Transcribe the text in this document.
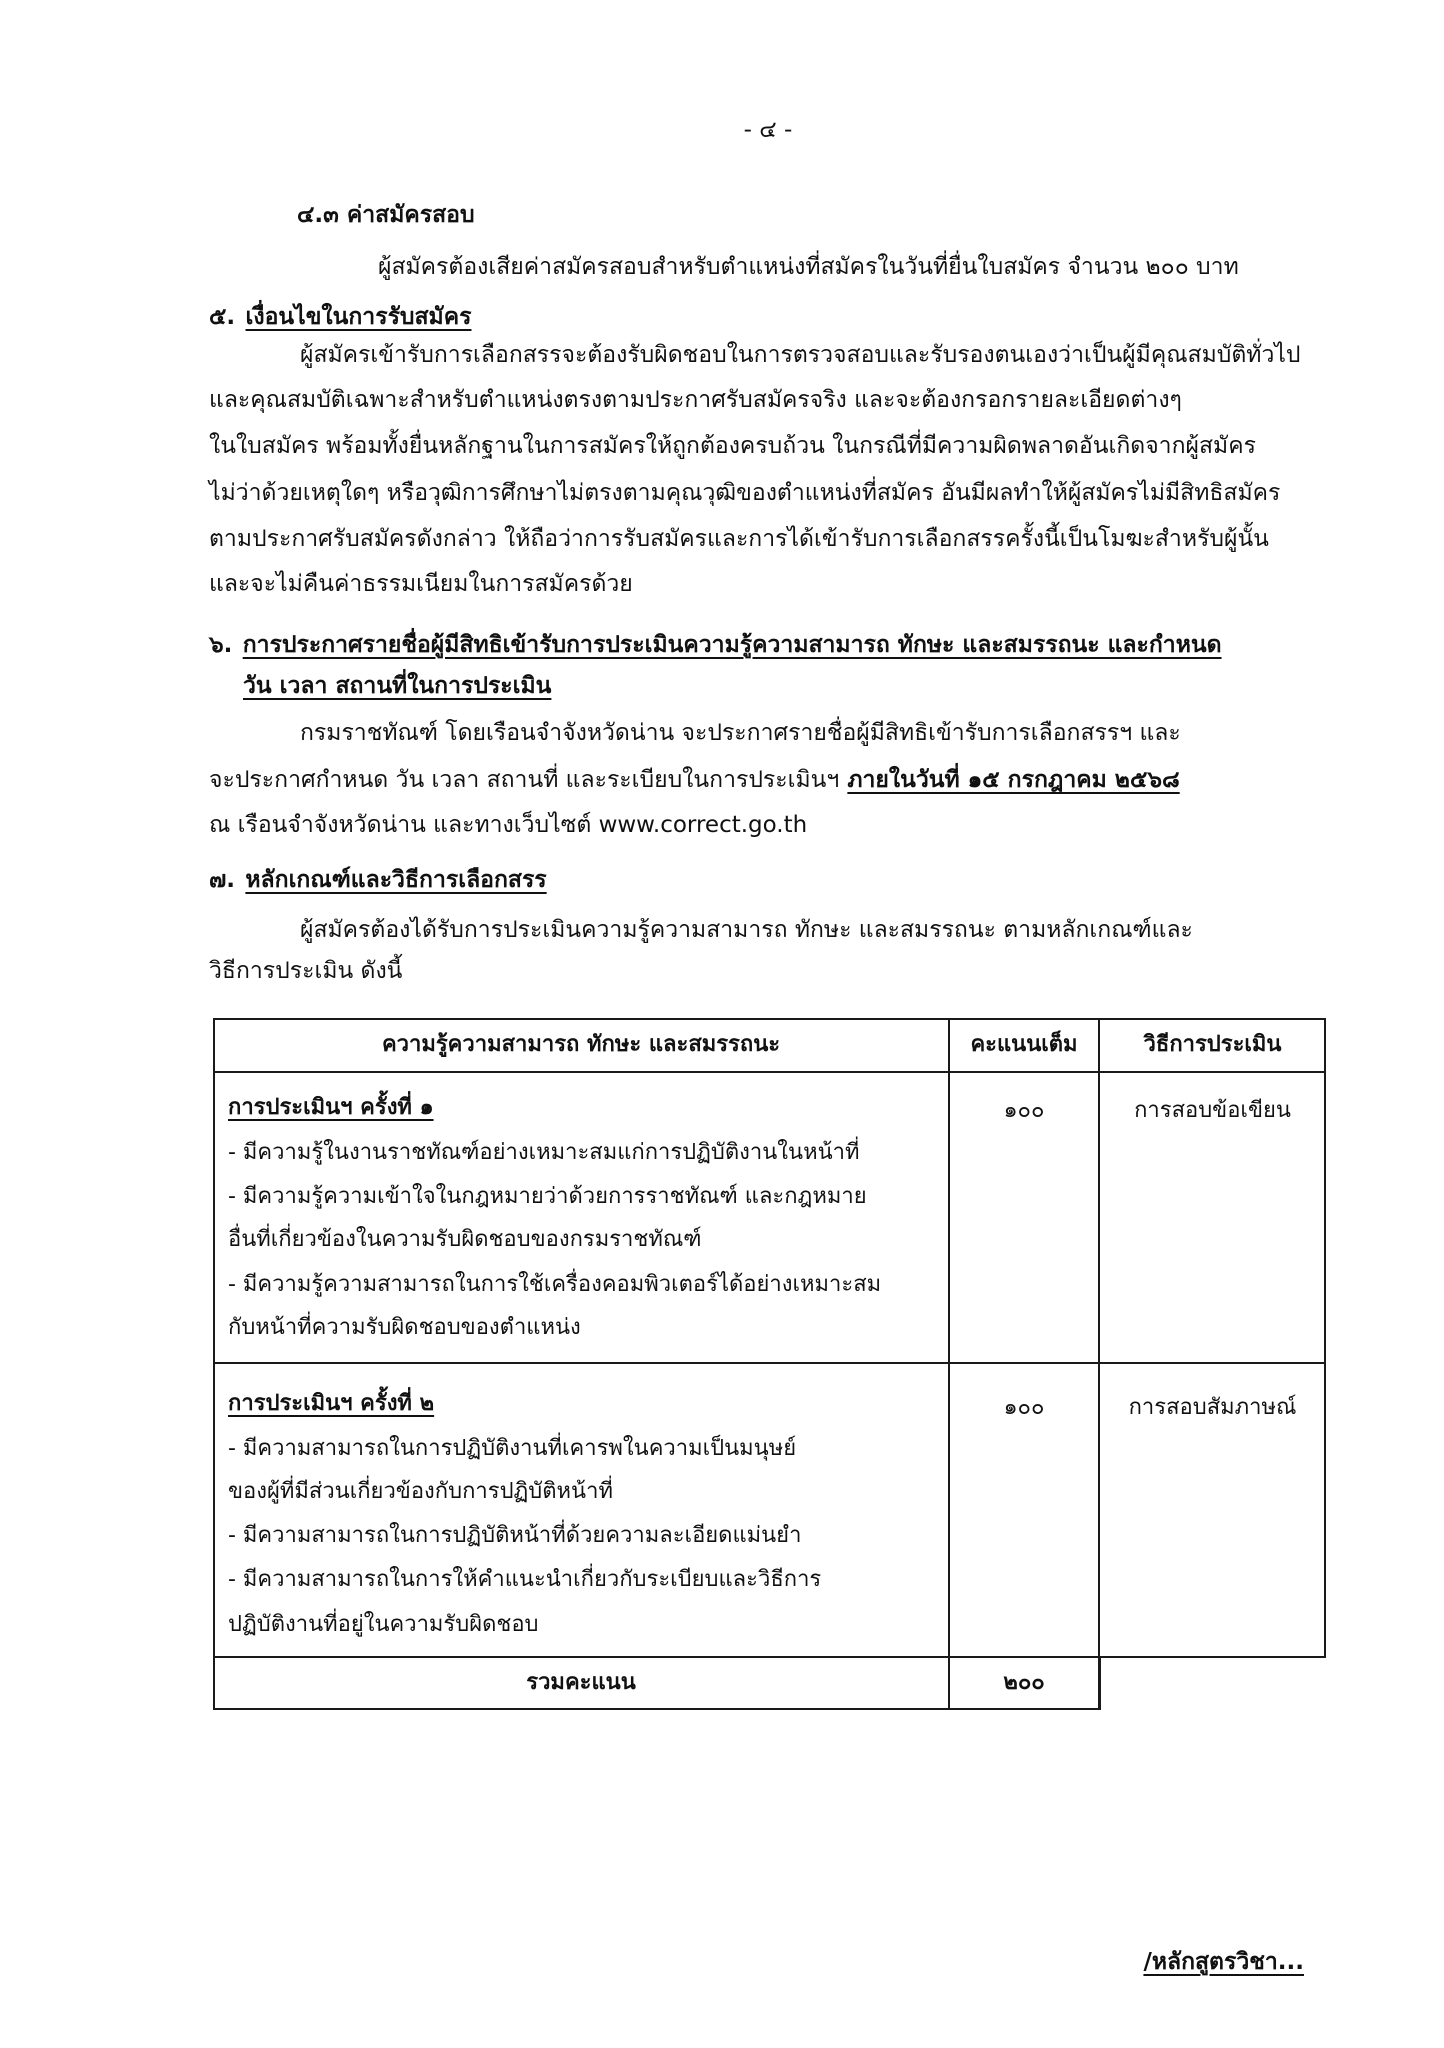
- ๔ -
๔.๓ ค่าสมัครสอบ
ผู้สมัครต้องเสียค่าสมัครสอบสำหรับตำแหน่งที่สมัครในวันที่ยื่นใบสมัคร จำนวน ๒๐๐ บาท
๕. เงื่อนไขในการรับสมัคร
ผู้สมัครเข้ารับการเลือกสรรจะต้องรับผิดชอบในการตรวจสอบและรับรองตนเองว่าเป็นผู้มีคุณสมบัติทั่วไป
และคุณสมบัติเฉพาะสำหรับตำแหน่งตรงตามประกาศรับสมัครจริง และจะต้องกรอกรายละเอียดต่างๆ
ในใบสมัคร พร้อมทั้งยื่นหลักฐานในการสมัครให้ถูกต้องครบถ้วน ในกรณีที่มีความผิดพลาดอันเกิดจากผู้สมัคร
ไม่ว่าด้วยเหตุใดๆ หรือวุฒิการศึกษาไม่ตรงตามคุณวุฒิของตำแหน่งที่สมัคร อันมีผลทำให้ผู้สมัครไม่มีสิทธิสมัคร
ตามประกาศรับสมัครดังกล่าว ให้ถือว่าการรับสมัครและการได้เข้ารับการเลือกสรรครั้งนี้เป็นโมฆะสำหรับผู้นั้น
และจะไม่คืนค่าธรรมเนียมในการสมัครด้วย
๖. การประกาศรายชื่อผู้มีสิทธิเข้ารับการประเมินความรู้ความสามารถ ทักษะ และสมรรถนะ และกำหนด
วัน เวลา สถานที่ในการประเมิน
กรมราชทัณฑ์ โดยเรือนจำจังหวัดน่าน จะประกาศรายชื่อผู้มีสิทธิเข้ารับการเลือกสรรฯ และ
จะประกาศกำหนด วัน เวลา สถานที่ และระเบียบในการประเมินฯ ภายในวันที่ ๑๕ กรกฎาคม ๒๕๖๘
ณ เรือนจำจังหวัดน่าน และทางเว็บไซต์ www.correct.go.th
๗. หลักเกณฑ์และวิธีการเลือกสรร
ผู้สมัครต้องได้รับการประเมินความรู้ความสามารถ ทักษะ และสมรรถนะ ตามหลักเกณฑ์และ
วิธีการประเมิน ดังนี้
ความรู้ความสามารถ ทักษะ และสมรรถนะ	คะแนนเต็ม	วิธีการประเมิน
การประเมินฯ ครั้งที่ ๑
- มีความรู้ในงานราชทัณฑ์อย่างเหมาะสมแก่การปฏิบัติงานในหน้าที่
- มีความรู้ความเข้าใจในกฎหมายว่าด้วยการราชทัณฑ์ และกฎหมาย
อื่นที่เกี่ยวข้องในความรับผิดชอบของกรมราชทัณฑ์
- มีความรู้ความสามารถในการใช้เครื่องคอมพิวเตอร์ได้อย่างเหมาะสม
กับหน้าที่ความรับผิดชอบของตำแหน่ง
๑๐๐	การสอบข้อเขียน
การประเมินฯ ครั้งที่ ๒
- มีความสามารถในการปฏิบัติงานที่เคารพในความเป็นมนุษย์
ของผู้ที่มีส่วนเกี่ยวข้องกับการปฏิบัติหน้าที่
- มีความสามารถในการปฏิบัติหน้าที่ด้วยความละเอียดแม่นยำ
- มีความสามารถในการให้คำแนะนำเกี่ยวกับระเบียบและวิธีการ
ปฏิบัติงานที่อยู่ในความรับผิดชอบ
๑๐๐	การสอบสัมภาษณ์
รวมคะแนน	๒๐๐
/หลักสูตรวิชา...
